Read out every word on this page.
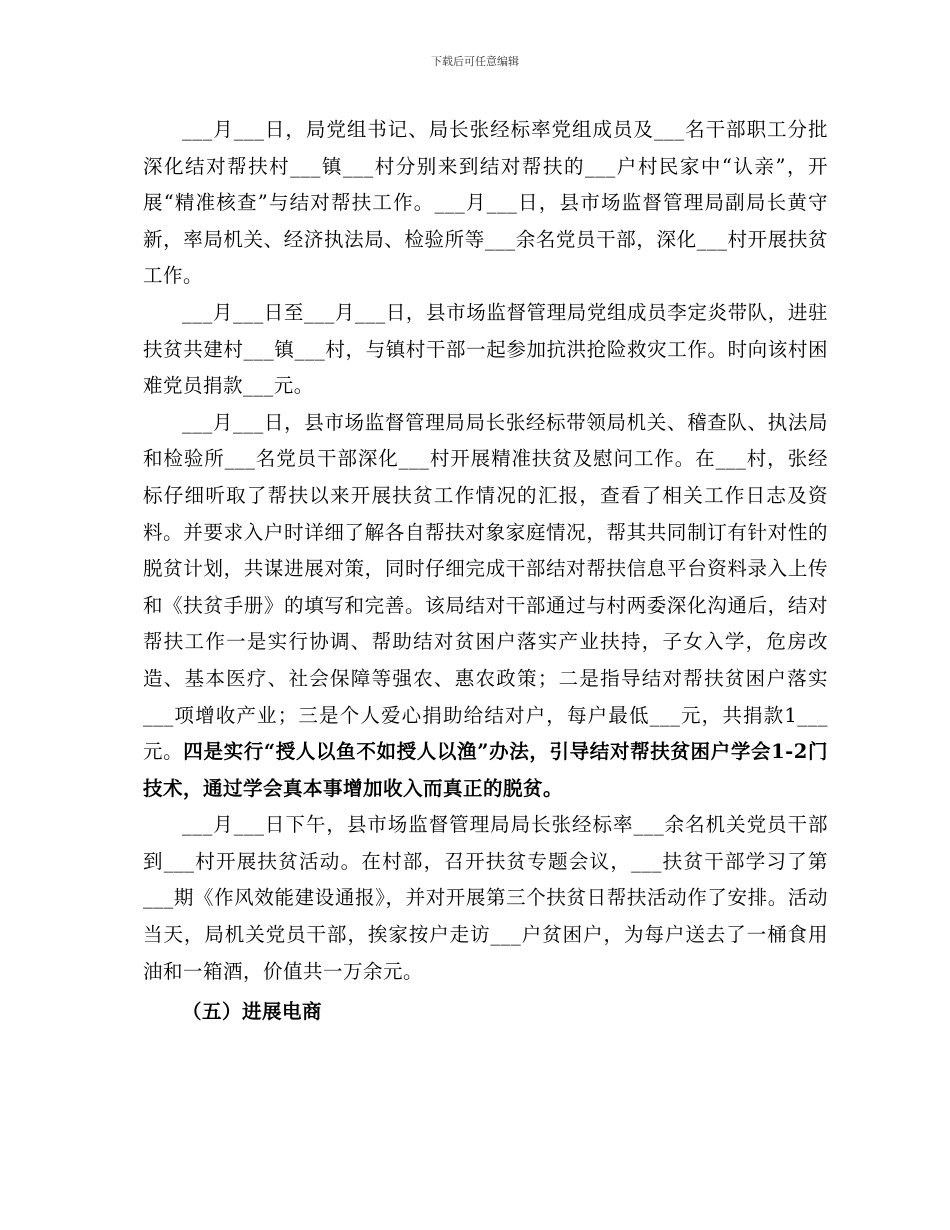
下载后可任意编辑

___月___日，局党组书记、局长张经标率党组成员及___名干部职工分批深化结对帮扶村___镇___村分别来到结对帮扶的___户村民家中“认亲”，开展“精准核查”与结对帮扶工作。___月___日，县市场监督管理局副局长黄守新，率局机关、经济执法局、检验所等___余名党员干部，深化___村开展扶贫工作。

___月___日至___月___日，县市场监督管理局党组成员李定炎带队，进驻扶贫共建村___镇___村，与镇村干部一起参加抗洪抢险救灾工作。时向该村困难党员捐款___元。

___月___日，县市场监督管理局局长张经标带领局机关、稽查队、执法局和检验所___名党员干部深化___村开展精准扶贫及慰问工作。在___村，张经标仔细听取了帮扶以来开展扶贫工作情况的汇报，查看了相关工作日志及资料。并要求入户时详细了解各自帮扶对象家庭情况，帮其共同制订有针对性的脱贫计划，共谋进展对策，同时仔细完成干部结对帮扶信息平台资料录入上传和《扶贫手册》的填写和完善。该局结对干部通过与村两委深化沟通后，结对帮扶工作一是实行协调、帮助结对贫困户落实产业扶持，子女入学，危房改造、基本医疗、社会保障等强农、惠农政策；二是指导结对帮扶贫困户落实___项增收产业；三是个人爱心捐助给结对户，每户最低___元，共捐款1___元。四是实行“授人以鱼不如授人以渔”办法，引导结对帮扶贫困户学会1-2门技术，通过学会真本事增加收入而真正的脱贫。

___月___日下午，县市场监督管理局局长张经标率___余名机关党员干部到___村开展扶贫活动。在村部，召开扶贫专题会议，___扶贫干部学习了第___期《作风效能建设通报》，并对开展第三个扶贫日帮扶活动作了安排。活动当天，局机关党员干部，挨家按户走访___户贫困户，为每户送去了一桶食用油和一箱酒，价值共一万余元。

（五）进展电商
